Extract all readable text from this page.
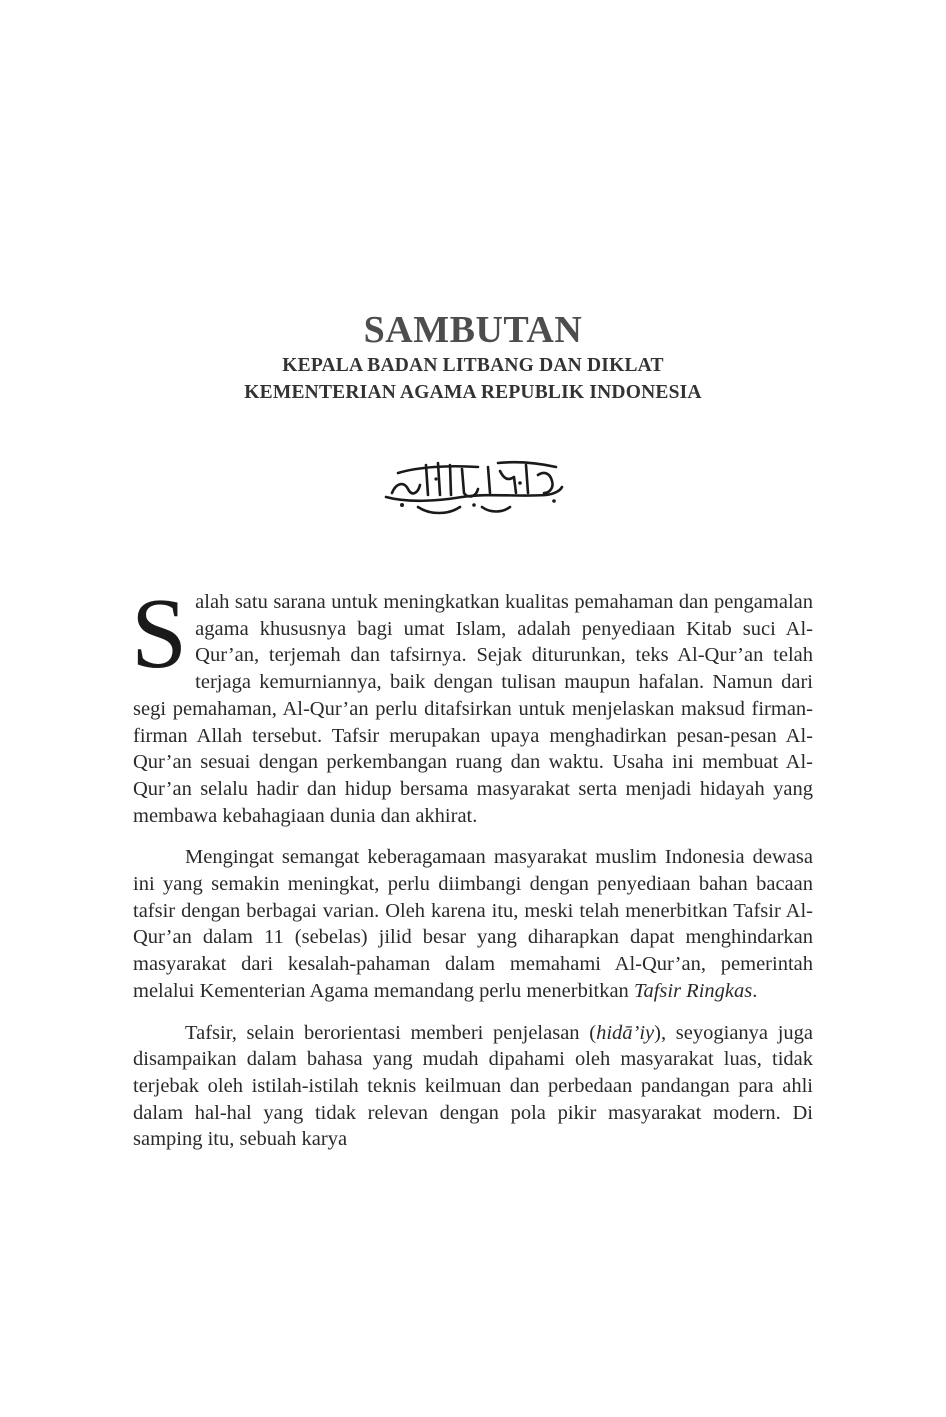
SAMBUTAN
KEPALA BADAN LITBANG DAN DIKLAT
KEMENTERIAN AGAMA REPUBLIK INDONESIA

Salah satu sarana untuk meningkatkan kualitas pemahaman dan pengamalan agama khususnya bagi umat Islam, adalah penyediaan Kitab suci Al-Qur’an, terjemah dan tafsirnya. Sejak diturunkan, teks Al-Qur’an telah terjaga kemurniannya, baik dengan tulisan maupun hafalan. Namun dari segi pemahaman, Al-Qur’an perlu ditafsirkan untuk menjelaskan maksud firman-firman Allah tersebut. Tafsir merupakan upaya menghadirkan pesan-pesan Al-Qur’an sesuai dengan perkembangan ruang dan waktu. Usaha ini membuat Al-Qur’an selalu hadir dan hidup bersama masyarakat serta menjadi hidayah yang membawa kebahagiaan dunia dan akhirat.

Mengingat semangat keberagamaan masyarakat muslim Indonesia dewasa ini yang semakin meningkat, perlu diimbangi dengan penyediaan bahan bacaan tafsir dengan berbagai varian. Oleh karena itu, meski telah menerbitkan Tafsir Al-Qur’an dalam 11 (sebelas) jilid besar yang diharapkan dapat menghindarkan masyarakat dari kesalah-pahaman dalam memahami Al-Qur’an, pemerintah melalui Kementerian Agama memandang perlu menerbitkan Tafsir Ringkas.

Tafsir, selain berorientasi memberi penjelasan (hidā’iy), seyogianya juga disampaikan dalam bahasa yang mudah dipahami oleh masyarakat luas, tidak terjebak oleh istilah-istilah teknis keilmuan dan perbedaan pandangan para ahli dalam hal-hal yang tidak relevan dengan pola pikir masyarakat modern. Di samping itu, sebuah karya
